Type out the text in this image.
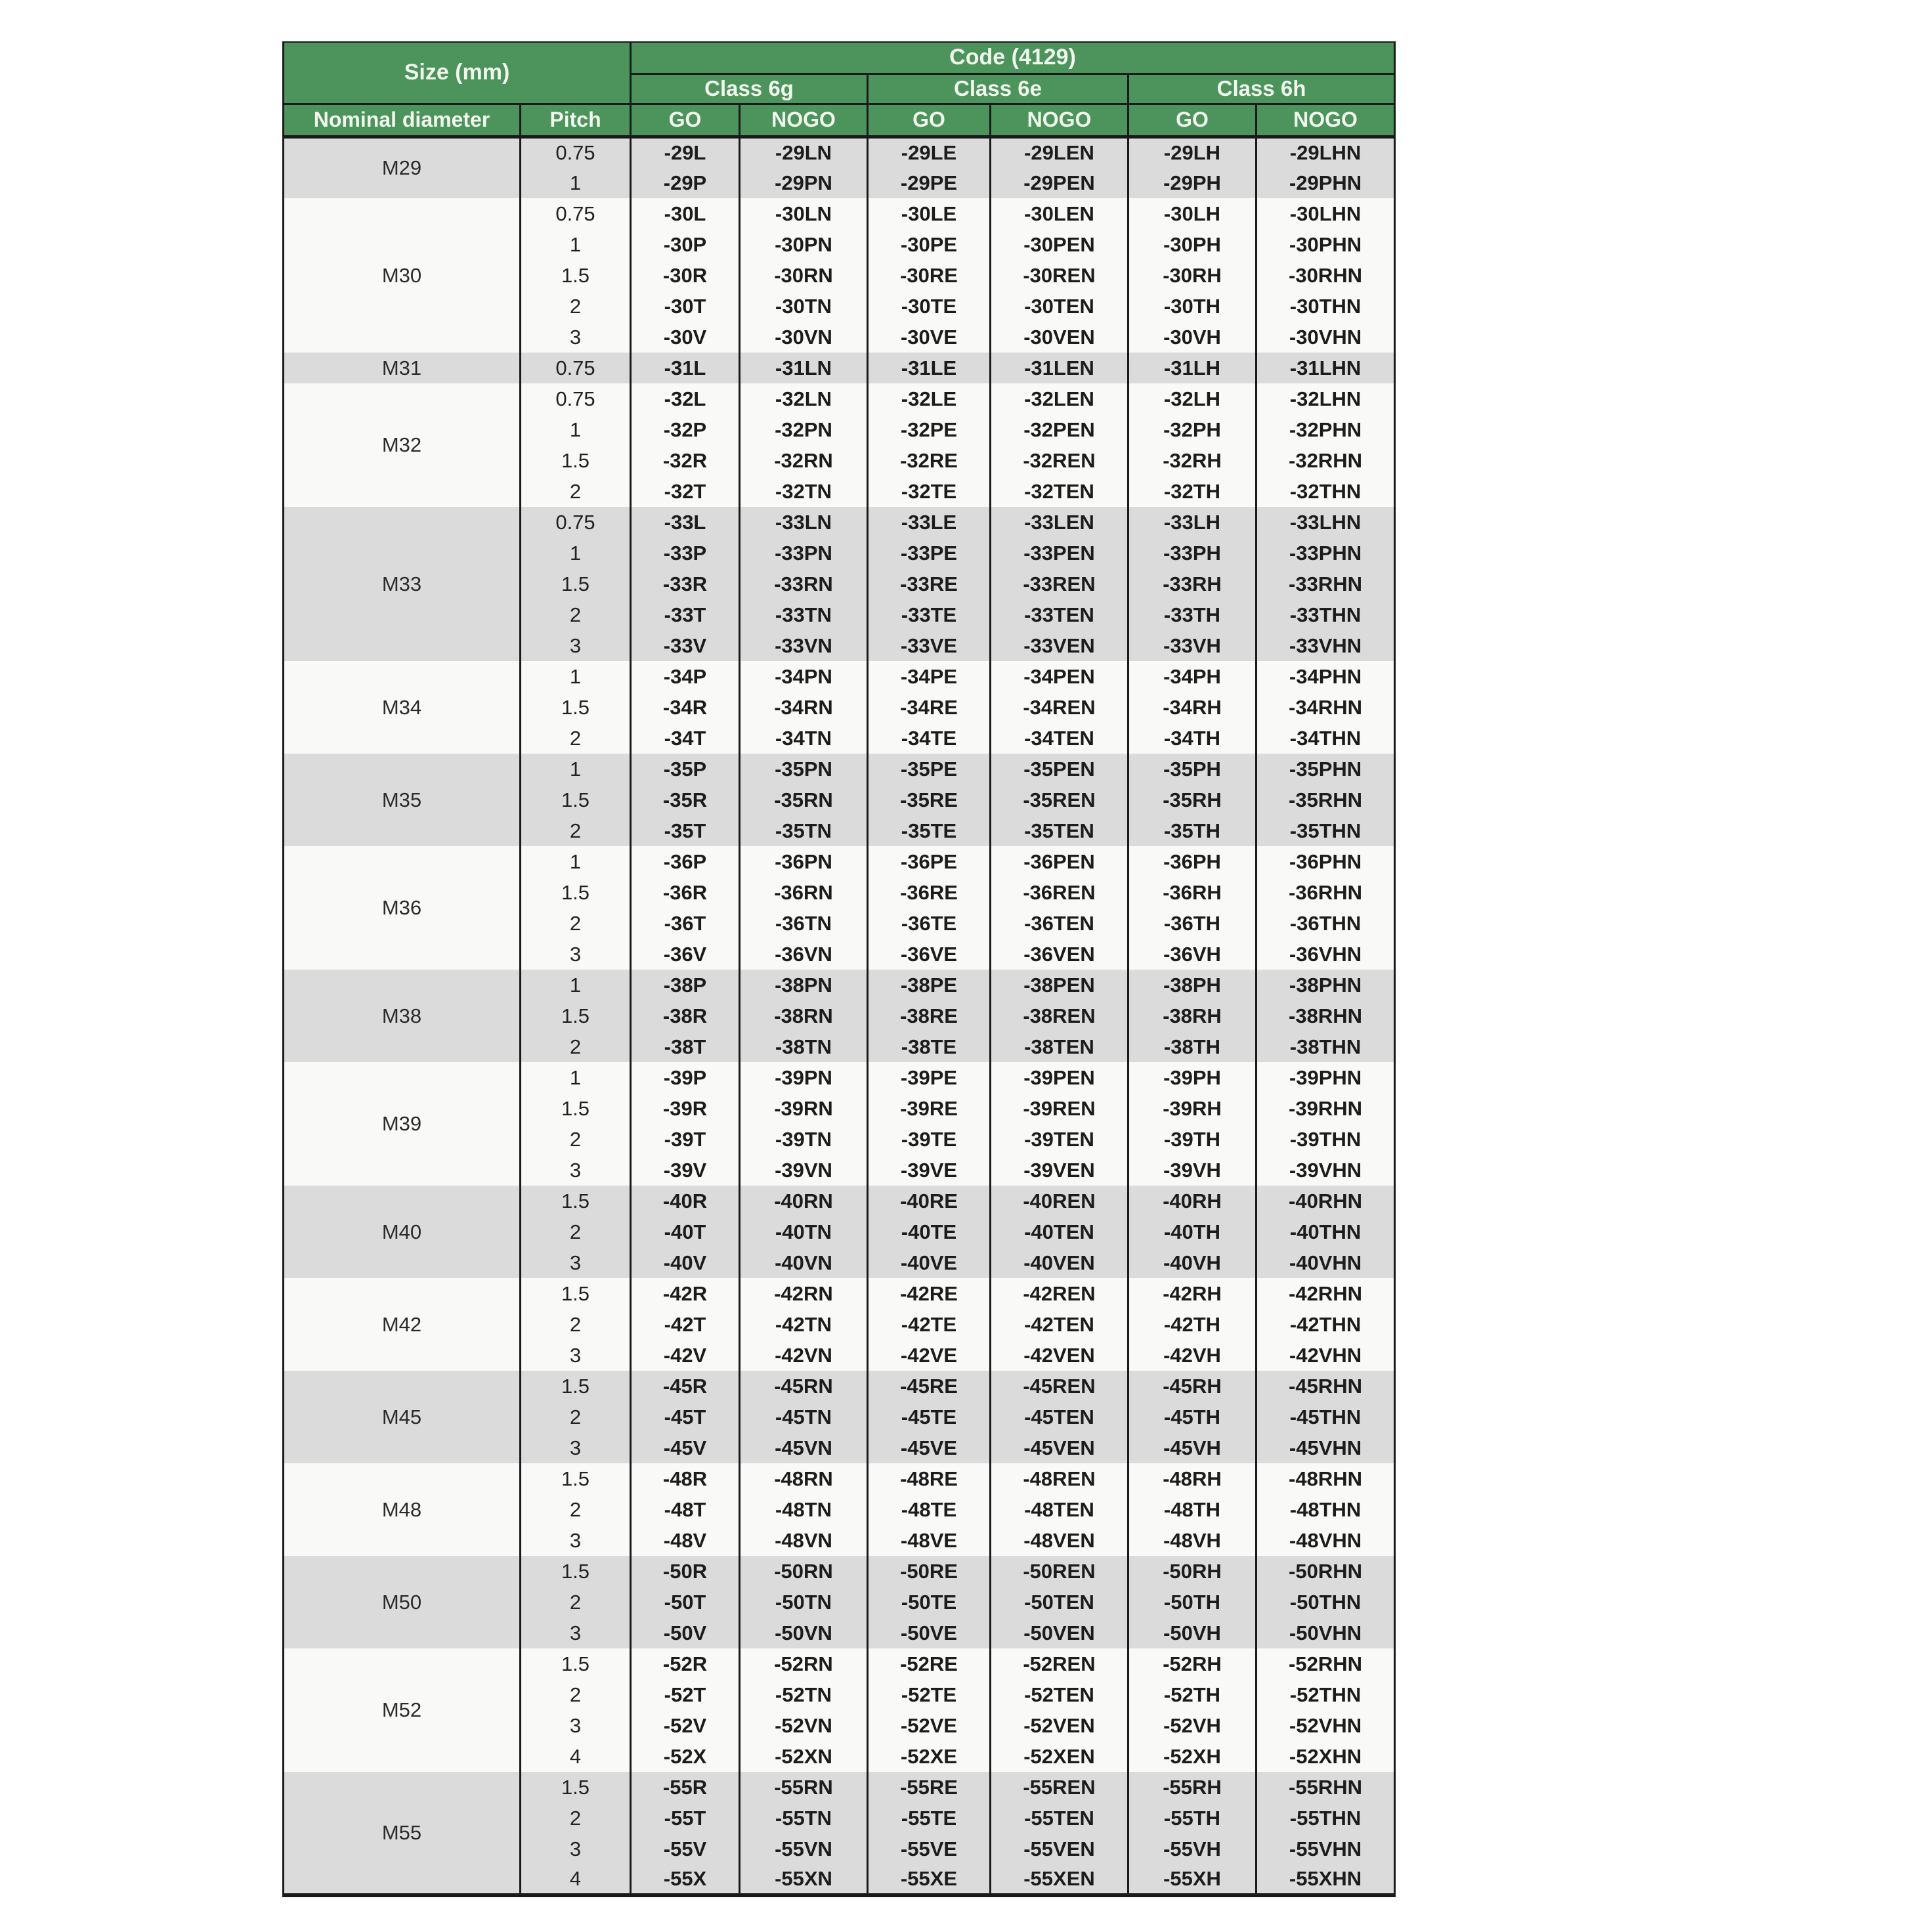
Size (mm)		Code (4129)					
		Class 6g		Class 6e		Class 6h	
Nominal diameter	Pitch	GO	NOGO	GO	NOGO	GO	NOGO
M29	0.75	-29L	-29LN	-29LE	-29LEN	-29LH	-29LHN
	1	-29P	-29PN	-29PE	-29PEN	-29PH	-29PHN
M30	0.75	-30L	-30LN	-30LE	-30LEN	-30LH	-30LHN
	1	-30P	-30PN	-30PE	-30PEN	-30PH	-30PHN
	1.5	-30R	-30RN	-30RE	-30REN	-30RH	-30RHN
	2	-30T	-30TN	-30TE	-30TEN	-30TH	-30THN
	3	-30V	-30VN	-30VE	-30VEN	-30VH	-30VHN
M31	0.75	-31L	-31LN	-31LE	-31LEN	-31LH	-31LHN
M32	0.75	-32L	-32LN	-32LE	-32LEN	-32LH	-32LHN
	1	-32P	-32PN	-32PE	-32PEN	-32PH	-32PHN
	1.5	-32R	-32RN	-32RE	-32REN	-32RH	-32RHN
	2	-32T	-32TN	-32TE	-32TEN	-32TH	-32THN
M33	0.75	-33L	-33LN	-33LE	-33LEN	-33LH	-33LHN
	1	-33P	-33PN	-33PE	-33PEN	-33PH	-33PHN
	1.5	-33R	-33RN	-33RE	-33REN	-33RH	-33RHN
	2	-33T	-33TN	-33TE	-33TEN	-33TH	-33THN
	3	-33V	-33VN	-33VE	-33VEN	-33VH	-33VHN
M34	1	-34P	-34PN	-34PE	-34PEN	-34PH	-34PHN
	1.5	-34R	-34RN	-34RE	-34REN	-34RH	-34RHN
	2	-34T	-34TN	-34TE	-34TEN	-34TH	-34THN
M35	1	-35P	-35PN	-35PE	-35PEN	-35PH	-35PHN
	1.5	-35R	-35RN	-35RE	-35REN	-35RH	-35RHN
	2	-35T	-35TN	-35TE	-35TEN	-35TH	-35THN
M36	1	-36P	-36PN	-36PE	-36PEN	-36PH	-36PHN
	1.5	-36R	-36RN	-36RE	-36REN	-36RH	-36RHN
	2	-36T	-36TN	-36TE	-36TEN	-36TH	-36THN
	3	-36V	-36VN	-36VE	-36VEN	-36VH	-36VHN
M38	1	-38P	-38PN	-38PE	-38PEN	-38PH	-38PHN
	1.5	-38R	-38RN	-38RE	-38REN	-38RH	-38RHN
	2	-38T	-38TN	-38TE	-38TEN	-38TH	-38THN
M39	1	-39P	-39PN	-39PE	-39PEN	-39PH	-39PHN
	1.5	-39R	-39RN	-39RE	-39REN	-39RH	-39RHN
	2	-39T	-39TN	-39TE	-39TEN	-39TH	-39THN
	3	-39V	-39VN	-39VE	-39VEN	-39VH	-39VHN
M40	1.5	-40R	-40RN	-40RE	-40REN	-40RH	-40RHN
	2	-40T	-40TN	-40TE	-40TEN	-40TH	-40THN
	3	-40V	-40VN	-40VE	-40VEN	-40VH	-40VHN
M42	1.5	-42R	-42RN	-42RE	-42REN	-42RH	-42RHN
	2	-42T	-42TN	-42TE	-42TEN	-42TH	-42THN
	3	-42V	-42VN	-42VE	-42VEN	-42VH	-42VHN
M45	1.5	-45R	-45RN	-45RE	-45REN	-45RH	-45RHN
	2	-45T	-45TN	-45TE	-45TEN	-45TH	-45THN
	3	-45V	-45VN	-45VE	-45VEN	-45VH	-45VHN
M48	1.5	-48R	-48RN	-48RE	-48REN	-48RH	-48RHN
	2	-48T	-48TN	-48TE	-48TEN	-48TH	-48THN
	3	-48V	-48VN	-48VE	-48VEN	-48VH	-48VHN
M50	1.5	-50R	-50RN	-50RE	-50REN	-50RH	-50RHN
	2	-50T	-50TN	-50TE	-50TEN	-50TH	-50THN
	3	-50V	-50VN	-50VE	-50VEN	-50VH	-50VHN
M52	1.5	-52R	-52RN	-52RE	-52REN	-52RH	-52RHN
	2	-52T	-52TN	-52TE	-52TEN	-52TH	-52THN
	3	-52V	-52VN	-52VE	-52VEN	-52VH	-52VHN
	4	-52X	-52XN	-52XE	-52XEN	-52XH	-52XHN
M55	1.5	-55R	-55RN	-55RE	-55REN	-55RH	-55RHN
	2	-55T	-55TN	-55TE	-55TEN	-55TH	-55THN
	3	-55V	-55VN	-55VE	-55VEN	-55VH	-55VHN
	4	-55X	-55XN	-55XE	-55XEN	-55XH	-55XHN
